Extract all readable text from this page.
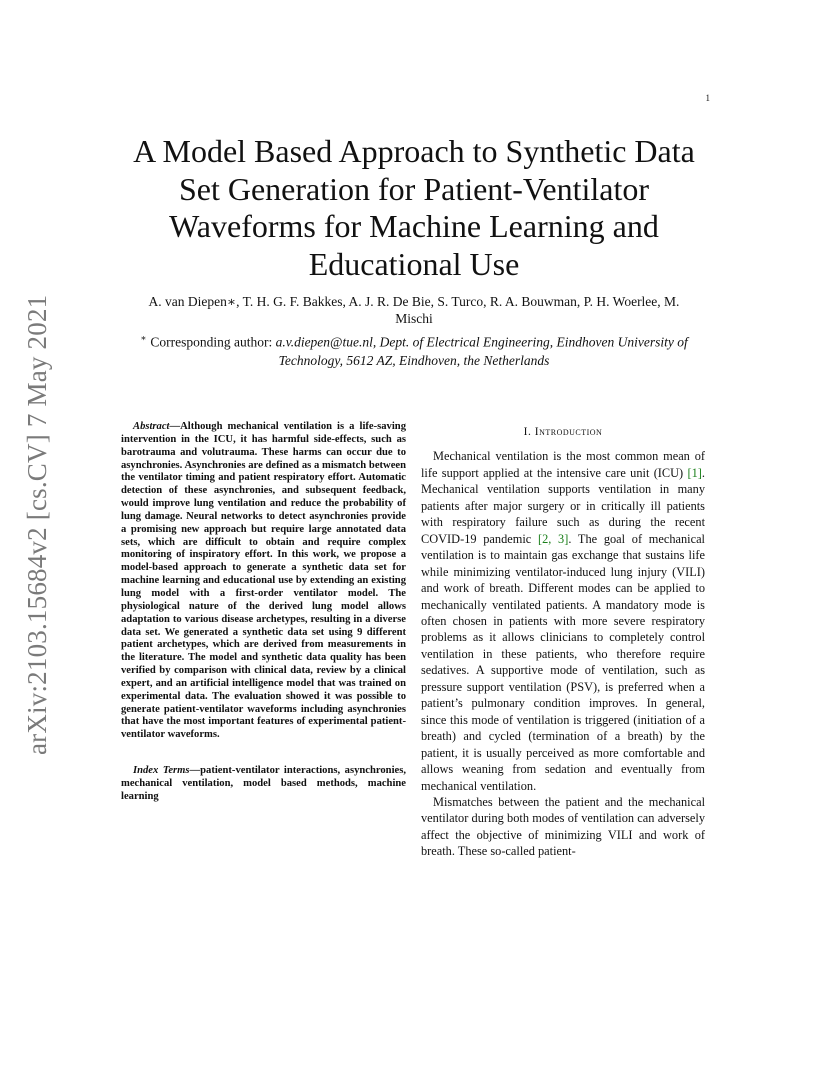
1
arXiv:2103.15684v2 [cs.CV] 7 May 2021
A Model Based Approach to Synthetic Data Set Generation for Patient-Ventilator Waveforms for Machine Learning and Educational Use
A. van Diepen∗, T. H. G. F. Bakkes, A. J. R. De Bie, S. Turco, R. A. Bouwman, P. H. Woerlee, M. Mischi
∗ Corresponding author: a.v.diepen@tue.nl, Dept. of Electrical Engineering, Eindhoven University of Technology, 5612 AZ, Eindhoven, the Netherlands

Abstract—Although mechanical ventilation is a life-saving intervention in the ICU, it has harmful side-effects, such as barotrauma and volutrauma. These harms can occur due to asynchronies. Asynchronies are defined as a mismatch between the ventilator timing and patient respiratory effort. Automatic detection of these asynchronies, and subsequent feedback, would improve lung ventilation and reduce the probability of lung damage. Neural networks to detect asynchronies provide a promising new approach but require large annotated data sets, which are difficult to obtain and require complex monitoring of inspiratory effort. In this work, we propose a model-based approach to generate a synthetic data set for machine learning and educational use by extending an existing lung model with a first-order ventilator model. The physiological nature of the derived lung model allows adaptation to various disease archetypes, resulting in a diverse data set. We generated a synthetic data set using 9 different patient archetypes, which are derived from measurements in the literature. The model and synthetic data quality has been verified by comparison with clinical data, review by a clinical expert, and an artificial intelligence model that was trained on experimental data. The evaluation showed it was possible to generate patient-ventilator waveforms including asynchronies that have the most important features of experimental patient-ventilator waveforms.

Index Terms—patient-ventilator interactions, asynchronies, mechanical ventilation, model based methods, machine learning

I. Introduction

Mechanical ventilation is the most common mean of life support applied at the intensive care unit (ICU) [1]. Mechanical ventilation supports ventilation in many patients after major surgery or in critically ill patients with respiratory failure such as during the recent COVID-19 pandemic [2, 3]. The goal of mechanical ventilation is to maintain gas exchange that sustains life while minimizing ventilator-induced lung injury (VILI) and work of breath. Different modes can be applied to mechanically ventilated patients. A mandatory mode is often chosen in patients with more severe respiratory problems as it allows clinicians to completely control ventilation in these patients, who therefore require sedatives. A supportive mode of ventilation, such as pressure support ventilation (PSV), is preferred when a patient’s pulmonary condition improves. In general, since this mode of ventilation is triggered (initiation of a breath) and cycled (termination of a breath) by the patient, it is usually perceived as more comfortable and allows weaning from sedation and eventually from mechanical ventilation.

Mismatches between the patient and the mechanical ventilator during both modes of ventilation can adversely affect the objective of minimizing VILI and work of breath. These so-called patient-
